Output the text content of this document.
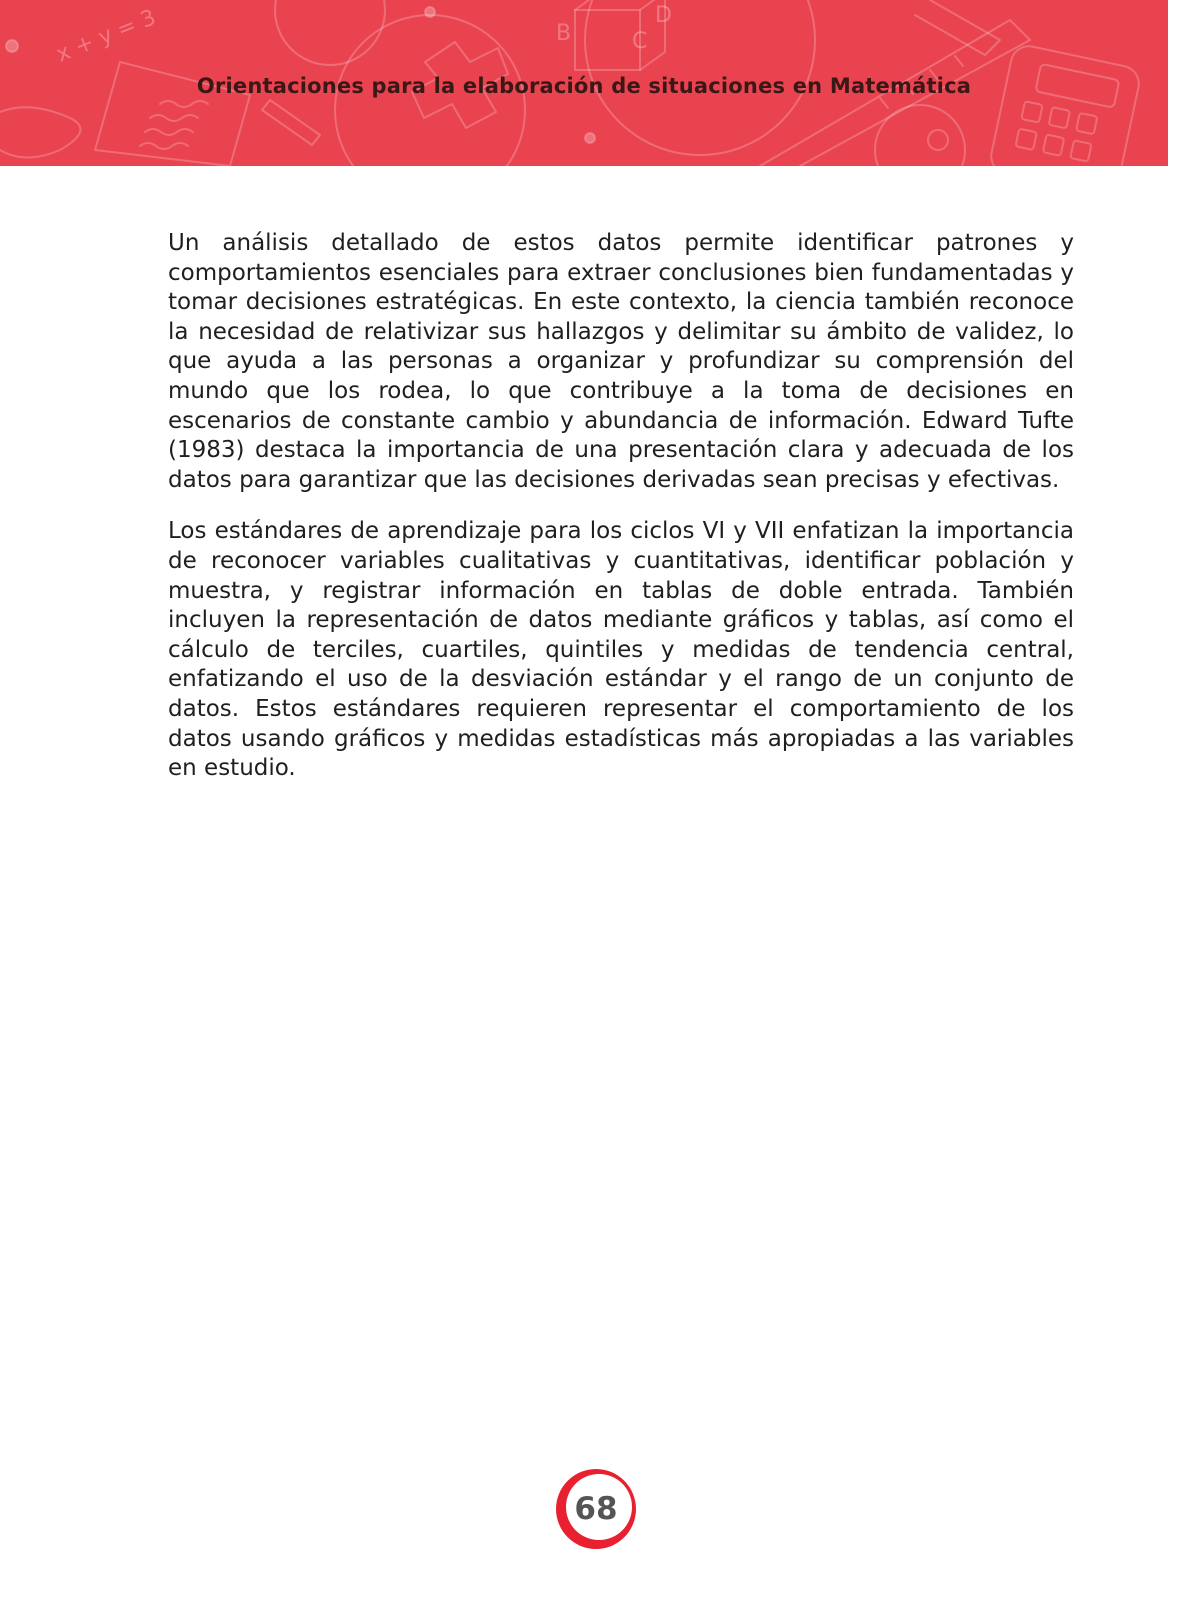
x + y = 3	B	C
D
Orientaciones para la elaboración de situaciones en Matemática

Un análisis detallado de estos datos permite identificar patrones y comportamientos esenciales para extraer conclusiones bien fundamentadas y tomar decisiones estratégicas. En este contexto, la ciencia también reconoce la necesidad de relativizar sus hallazgos y delimitar su ámbito de validez, lo que ayuda a las personas a organizar y profundizar su comprensión del mundo que los rodea, lo que contribuye a la toma de decisiones en escenarios de constante cambio y abundancia de información. Edward Tufte (1983) destaca la importancia de una presentación clara y adecuada de los datos para garantizar que las decisiones derivadas sean precisas y efectivas.

Los estándares de aprendizaje para los ciclos VI y VII enfatizan la importancia de reconocer variables cualitativas y cuantitativas, identificar población y muestra, y registrar información en tablas de doble entrada. También incluyen la representación de datos mediante gráficos y tablas, así como el cálculo de terciles, cuartiles, quintiles y medidas de tendencia central, enfatizando el uso de la desviación estándar y el rango de un conjunto de datos. Estos estándares requieren representar el comportamiento de los datos usando gráficos y medidas estadísticas más apropiadas a las variables en estudio.

68
